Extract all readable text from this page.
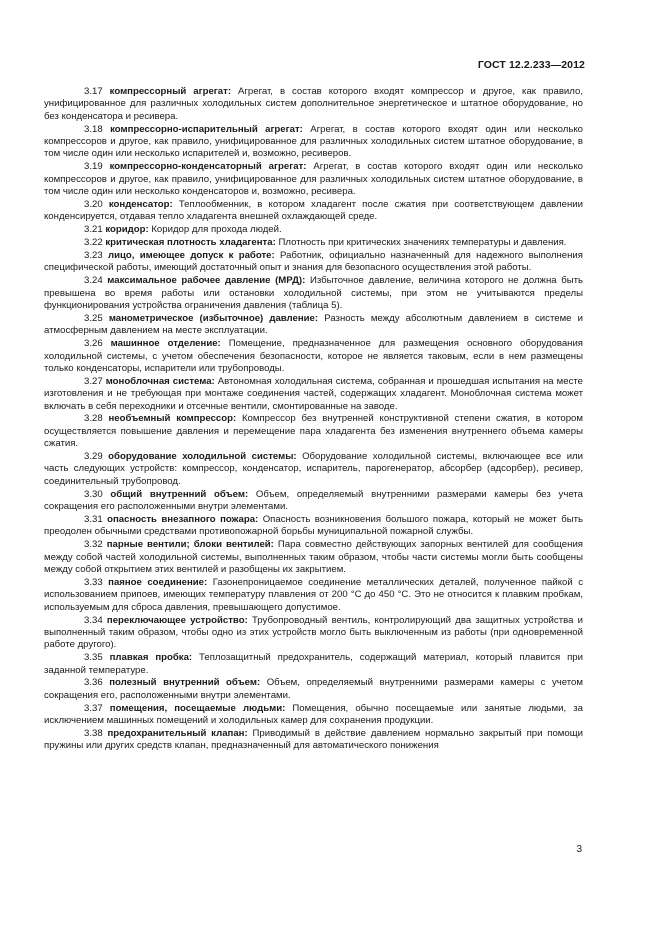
ГОСТ 12.2.233—2012

3.17 компрессорный агрегат: Агрегат, в состав которого входят компрессор и другое, как правило, унифицированное для различных холодильных систем дополнительное энергетическое и штатное оборудование, но без конденсатора и ресивера.

3.18 компрессорно-испарительный агрегат: Агрегат, в состав которого входят один или несколько компрессоров и другое, как правило, унифицированное для различных холодильных систем штатное оборудование, в том числе один или несколько испарителей и, возможно, ресиверов.

3.19 компрессорно-конденсаторный агрегат: Агрегат, в состав которого входят один или несколько компрессоров и другое, как правило, унифицированное для различных холодильных систем штатное оборудование, в том числе один или несколько конденсаторов и, возможно, ресивера.

3.20 конденсатор: Теплообменник, в котором хладагент после сжатия при соответствующем давлении конденсируется, отдавая тепло хладагента внешней охлаждающей среде.

3.21 коридор: Коридор для прохода людей.

3.22 критическая плотность хладагента: Плотность при критических значениях температуры и давления.

3.23 лицо, имеющее допуск к работе: Работник, официально назначенный для надежного выполнения специфической работы, имеющий достаточный опыт и знания для безопасного осуществления этой работы.

3.24 максимальное рабочее давление (МРД): Избыточное давление, величина которого не должна быть превышена во время работы или остановки холодильной системы, при этом не учитываются пределы функционирования устройства ограничения давления (таблица 5).

3.25 манометрическое (избыточное) давление: Разность между абсолютным давлением в системе и атмосферным давлением на месте эксплуатации.

3.26 машинное отделение: Помещение, предназначенное для размещения основного оборудования холодильной системы, с учетом обеспечения безопасности, которое не является таковым, если в нем размещены только конденсаторы, испарители или трубопроводы.

3.27 моноблочная система: Автономная холодильная система, собранная и прошедшая испытания на месте изготовления и не требующая при монтаже соединения частей, содержащих хладагент. Моноблочная система может включать в себя переходники и отсечные вентили, смонтированные на заводе.

3.28 необъемный компрессор: Компрессор без внутренней конструктивной степени сжатия, в котором осуществляется повышение давления и перемещение пара хладагента без изменения внутреннего объема камеры сжатия.

3.29 оборудование холодильной системы: Оборудование холодильной системы, включающее все или часть следующих устройств: компрессор, конденсатор, испаритель, парогенератор, абсорбер (адсорбер), ресивер, соединительный трубопровод.

3.30 общий внутренний объем: Объем, определяемый внутренними размерами камеры без учета сокращения его расположенными внутри элементами.

3.31 опасность внезапного пожара: Опасность возникновения большого пожара, который не может быть преодолен обычными средствами противопожарной борьбы муниципальной пожарной службы.

3.32 парные вентили; блоки вентилей: Пара совместно действующих запорных вентилей для сообщения между собой частей холодильной системы, выполненных таким образом, чтобы части системы могли быть сообщены между собой открытием этих вентилей и разобщены их закрытием.

3.33 паяное соединение: Газонепроницаемое соединение металлических деталей, полученное пайкой с использованием припоев, имеющих температуру плавления от 200 °С до 450 °С. Это не относится к плавким пробкам, используемым для сброса давления, превышающего допустимое.

3.34 переключающее устройство: Трубопроводный вентиль, контролирующий два защитных устройства и выполненный таким образом, чтобы одно из этих устройств могло быть выключенным из работы (при одновременной работе другого).

3.35 плавкая пробка: Теплозащитный предохранитель, содержащий материал, который плавится при заданной температуре.

3.36 полезный внутренний объем: Объем, определяемый внутренними размерами камеры с учетом сокращения его, расположенными внутри элементами.

3.37 помещения, посещаемые людьми: Помещения, обычно посещаемые или занятые людьми, за исключением машинных помещений и холодильных камер для сохранения продукции.

3.38 предохранительный клапан: Приводимый в действие давлением нормально закрытый при помощи пружины или других средств клапан, предназначенный для автоматического понижения

3
